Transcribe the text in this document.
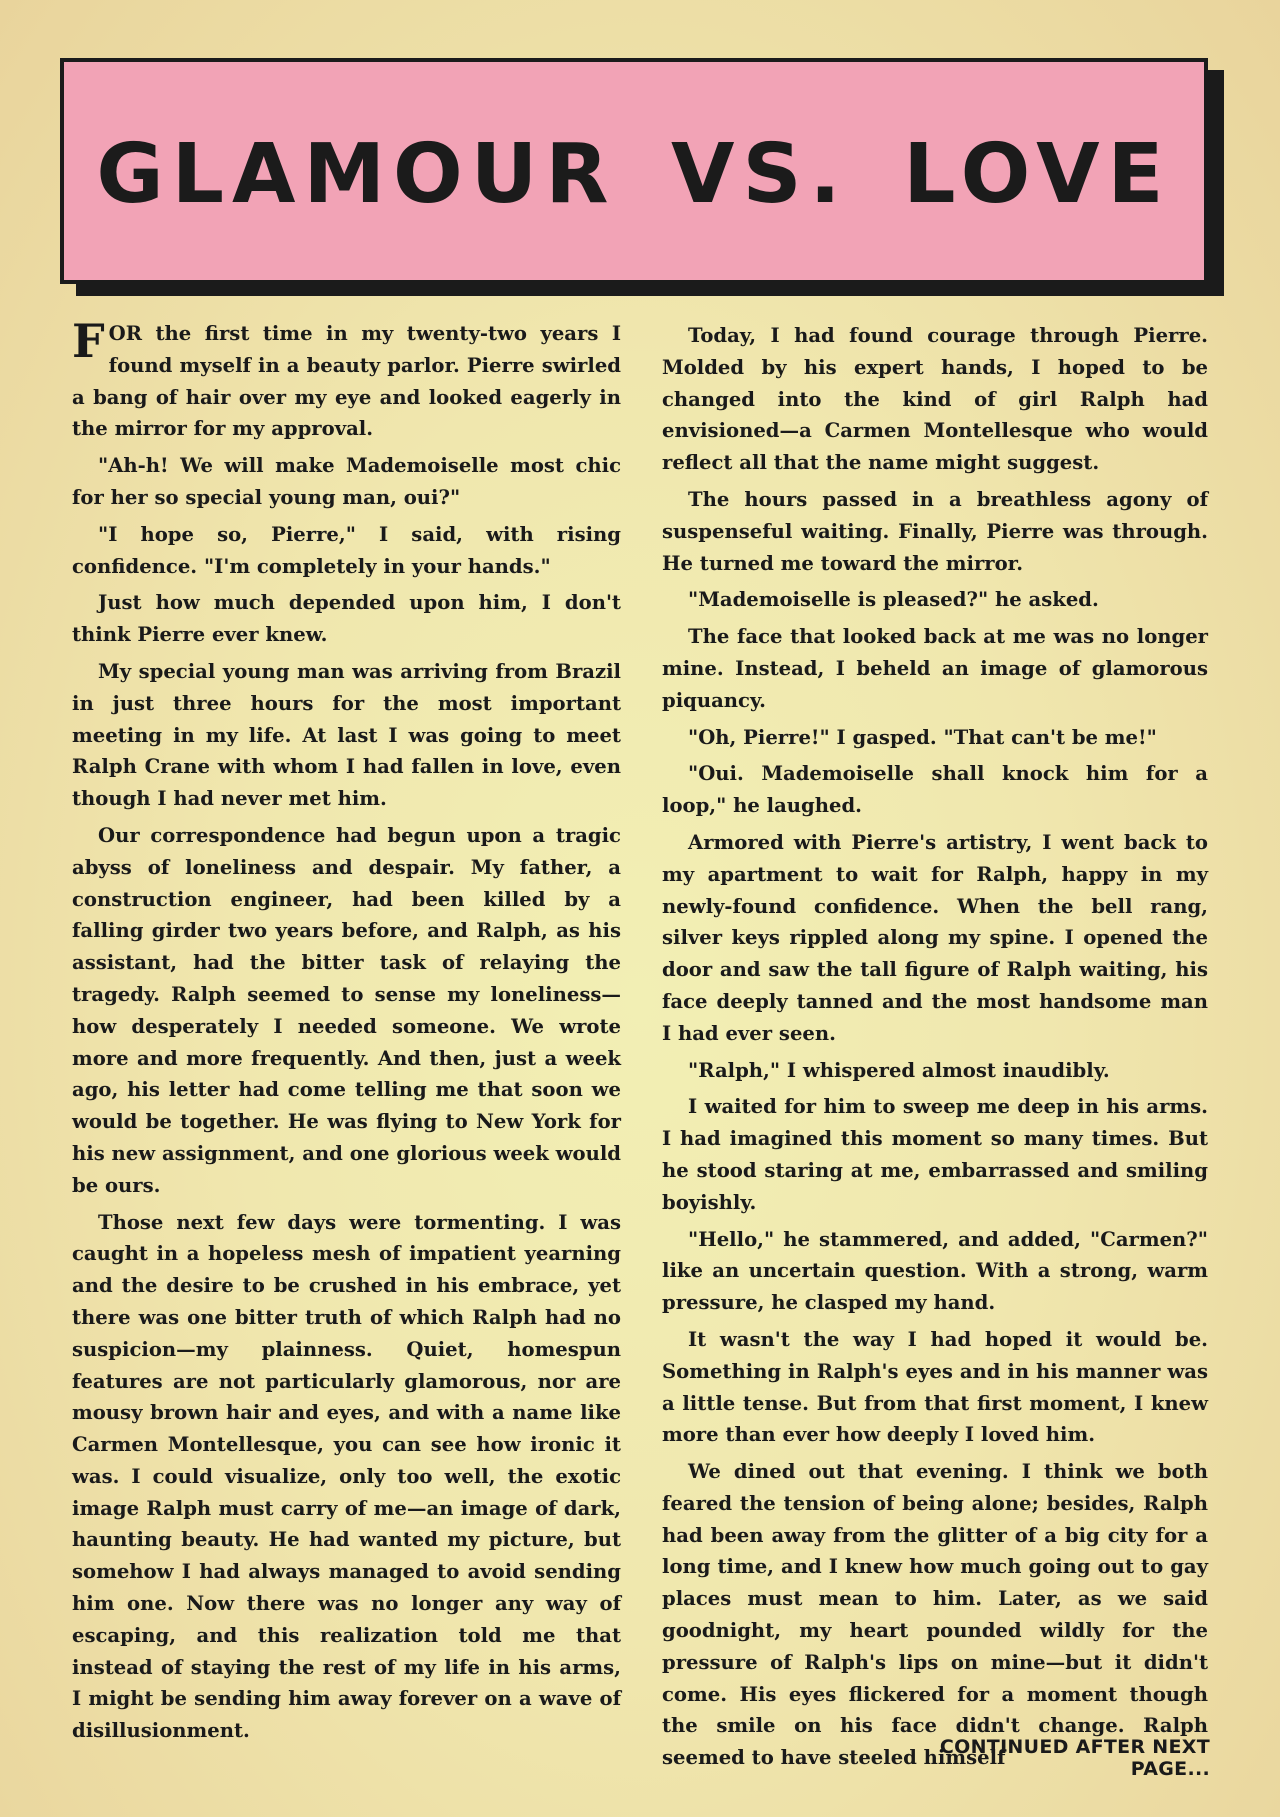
GLAMOUR VS. LOVE

FOR the first time in my twenty-two years I found myself in a beauty parlor. Pierre swirled a bang of hair over my eye and looked eagerly in the mirror for my approval.

"Ah-h! We will make Mademoiselle most chic for her so special young man, oui?"

"I hope so, Pierre," I said, with rising confidence. "I'm completely in your hands."

Just how much depended upon him, I don't think Pierre ever knew.

My special young man was arriving from Brazil in just three hours for the most important meeting in my life. At last I was going to meet Ralph Crane with whom I had fallen in love, even though I had never met him.

Our correspondence had begun upon a tragic abyss of loneliness and despair. My father, a construction engineer, had been killed by a falling girder two years before, and Ralph, as his assistant, had the bitter task of relaying the tragedy. Ralph seemed to sense my loneliness—how desperately I needed someone. We wrote more and more frequently. And then, just a week ago, his letter had come telling me that soon we would be together. He was flying to New York for his new assignment, and one glorious week would be ours.

Those next few days were tormenting. I was caught in a hopeless mesh of impatient yearning and the desire to be crushed in his embrace, yet there was one bitter truth of which Ralph had no suspicion—my plainness. Quiet, homespun features are not particularly glamorous, nor are mousy brown hair and eyes, and with a name like Carmen Montellesque, you can see how ironic it was. I could visualize, only too well, the exotic image Ralph must carry of me—an image of dark, haunting beauty. He had wanted my picture, but somehow I had always managed to avoid sending him one. Now there was no longer any way of escaping, and this realization told me that instead of staying the rest of my life in his arms, I might be sending him away forever on a wave of disillusionment.

Today, I had found courage through Pierre. Molded by his expert hands, I hoped to be changed into the kind of girl Ralph had envisioned—a Carmen Montellesque who would reflect all that the name might suggest.

The hours passed in a breathless agony of suspenseful waiting. Finally, Pierre was through. He turned me toward the mirror.

"Mademoiselle is pleased?" he asked.

The face that looked back at me was no longer mine. Instead, I beheld an image of glamorous piquancy.

"Oh, Pierre!" I gasped. "That can't be me!"

"Oui. Mademoiselle shall knock him for a loop," he laughed.

Armored with Pierre's artistry, I went back to my apartment to wait for Ralph, happy in my newly-found confidence. When the bell rang, silver keys rippled along my spine. I opened the door and saw the tall figure of Ralph waiting, his face deeply tanned and the most handsome man I had ever seen.

"Ralph," I whispered almost inaudibly.

I waited for him to sweep me deep in his arms. I had imagined this moment so many times. But he stood staring at me, embarrassed and smiling boyishly.

"Hello," he stammered, and added, "Carmen?" like an uncertain question. With a strong, warm pressure, he clasped my hand.

It wasn't the way I had hoped it would be. Something in Ralph's eyes and in his manner was a little tense. But from that first moment, I knew more than ever how deeply I loved him.

We dined out that evening. I think we both feared the tension of being alone; besides, Ralph had been away from the glitter of a big city for a long time, and I knew how much going out to gay places must mean to him. Later, as we said goodnight, my heart pounded wildly for the pressure of Ralph's lips on mine—but it didn't come. His eyes flickered for a moment though the smile on his face didn't change. Ralph seemed to have steeled himself

CONTINUED AFTER NEXT PAGE...
